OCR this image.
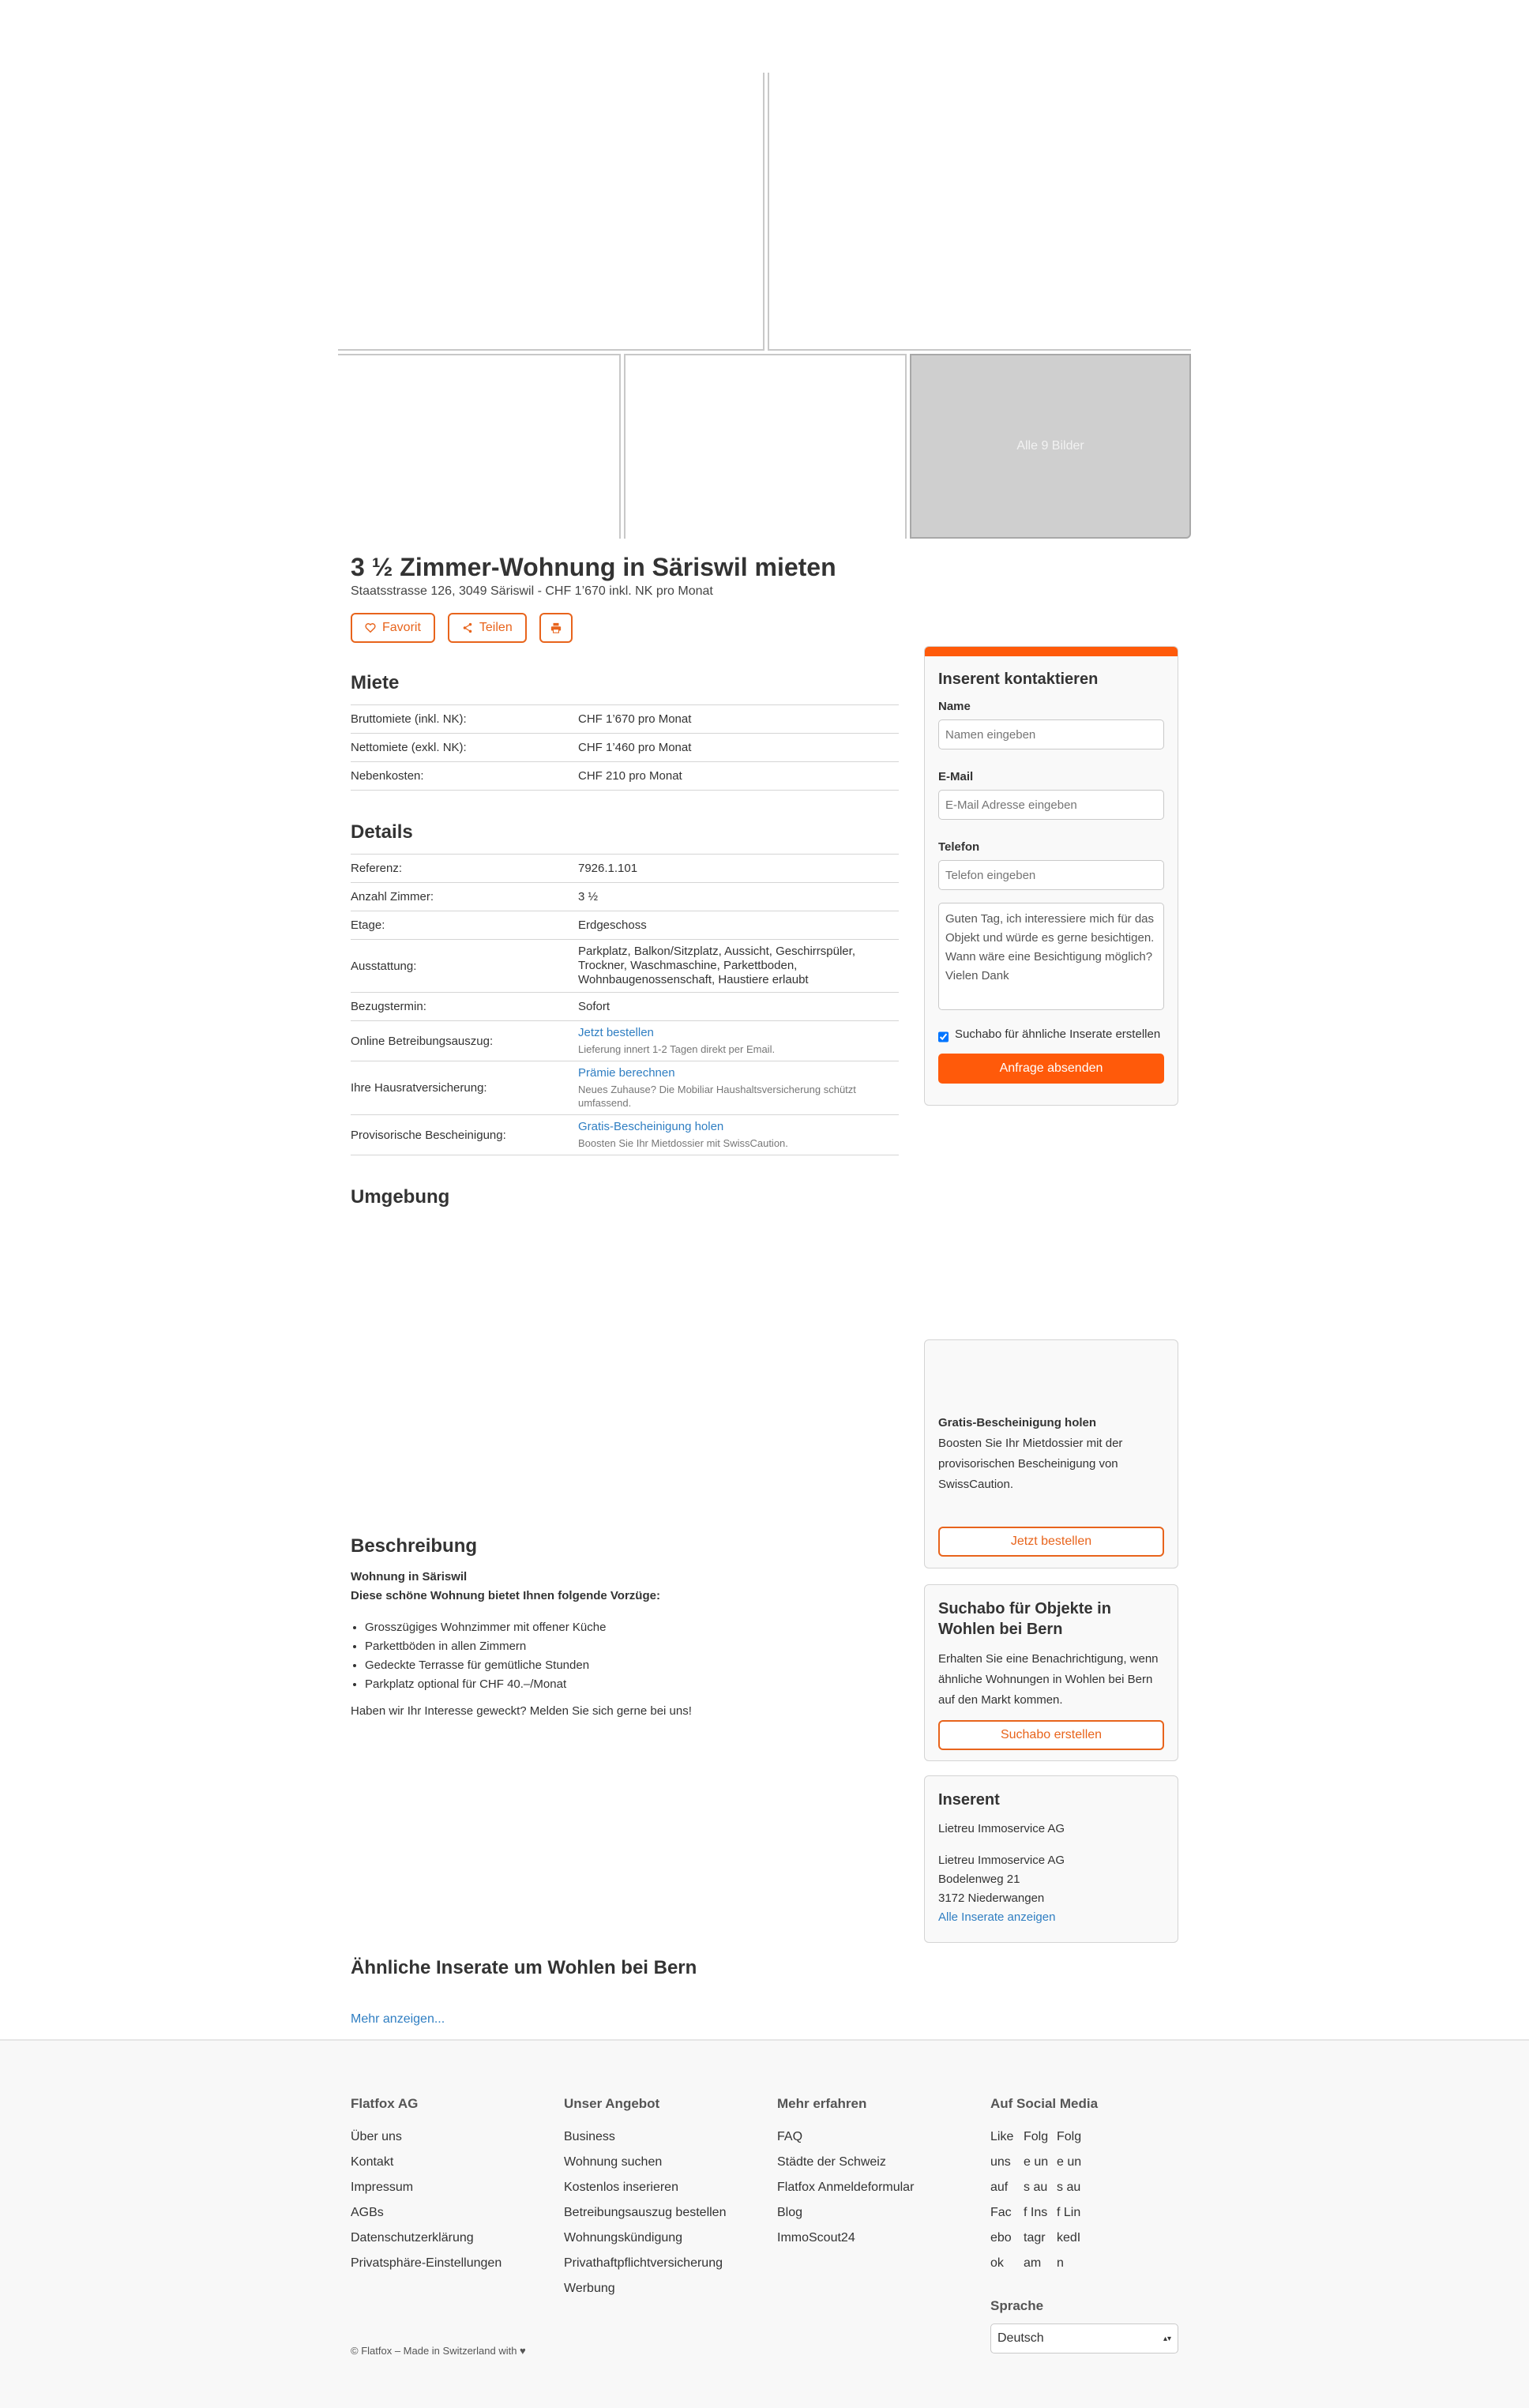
Alle 9 Bilder
3 ½ Zimmer-Wohnung in Säriswil mieten
Staatsstrasse 126, 3049 Säriswil - CHF 1’670 inkl. NK pro Monat
Favorit	Teilen
Miete
Bruttomiete (inkl. NK):	CHF 1’670 pro Monat
Nettomiete (exkl. NK):	CHF 1’460 pro Monat
Nebenkosten:	CHF 210 pro Monat
Details
Referenz:	7926.1.101
Anzahl Zimmer:	3 ½
Etage:	Erdgeschoss
Ausstattung:
Parkplatz, Balkon/Sitzplatz, Aussicht, Geschirrspüler, Trockner, Waschmaschine, Parkettboden, Wohnbaugenossenschaft, Haustiere erlaubt
Bezugstermin:	Sofort
Online Betreibungsauszug:
Jetzt bestellen
Lieferung innert 1-2 Tagen direkt per Email.
Ihre Hausratversicherung:
Prämie berechnen
Neues Zuhause? Die Mobiliar Haushaltsversicherung schützt umfassend.
Provisorische Bescheinigung:
Gratis-Bescheinigung holen
Boosten Sie Ihr Mietdossier mit SwissCaution.
Umgebung
Beschreibung
Wohnung in Säriswil
Diese schöne Wohnung bietet Ihnen folgende Vorzüge:
• Grosszügiges Wohnzimmer mit offener Küche
• Parkettböden in allen Zimmern
• Gedeckte Terrasse für gemütliche Stunden
• Parkplatz optional für CHF 40.–/Monat
Haben wir Ihr Interesse geweckt? Melden Sie sich gerne bei uns!
Inserent kontaktieren
Name
Namen eingeben
E-Mail
E-Mail Adresse eingeben
Telefon
Telefon eingeben Guten Tag, ich interessiere mich für das Objekt und würde es gerne besichtigen. Wann wäre eine Besichtigung möglich? Vielen Dank
Suchabo für ähnliche Inserate erstellen
Anfrage absenden

Gratis-Bescheinigung holen

Boosten Sie Ihr Mietdossier mit der provisorischen Bescheinigung von SwissCaution.

Jetzt bestellen
Suchabo für Objekte in Wohlen bei Bern

Erhalten Sie eine Benachrichtigung, wenn ähnliche Wohnungen in Wohlen bei Bern auf den Markt kommen.

Suchabo erstellen
Inserent

Lietreu Immoservice AG

Lietreu Immoservice AG

Bodelenweg 21

3172 Niederwangen

Alle Inserate anzeigen
Ähnliche Inserate um Wohlen bei Bern
Mehr anzeigen...
Flatfox AG
Über uns
Kontakt
Impressum
AGBs
Datenschutzerklärung
Privatsphäre-Einstellungen
Unser Angebot
Business
Wohnung suchen
Kostenlos inserieren
Betreibungsauszug bestellen
Wohnungskündigung
Privathaftpflichtversicherung
Werbung
Mehr erfahren
FAQ
Städte der Schweiz
Flatfox Anmeldeformular
Blog
ImmoScout24
Auf Social Media
Like uns auf Facebook
Folge uns auf Instagram
Folge uns auf LinkedIn
Sprache
Deutsch	▴▾
© Flatfox – Made in Switzerland with ♥
